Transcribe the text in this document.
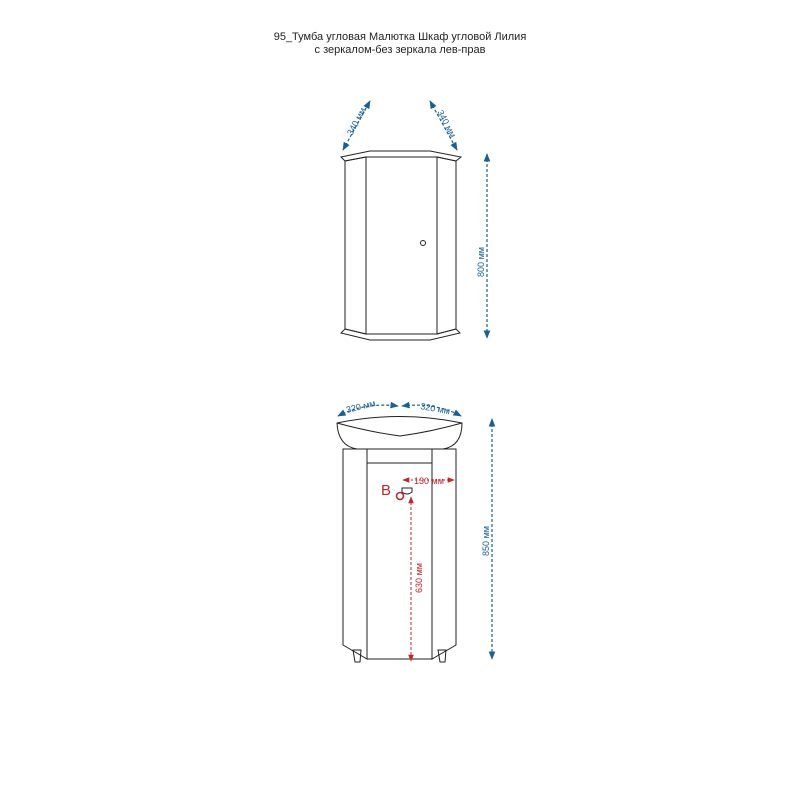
95_Тумба угловая Малютка Шкаф угловой Лилия
с зеркалом-без зеркала лев-прав
340 мм	340 мм
800 мм
320 мм	320 мм
850 мм
B
130 мм
630 мм
